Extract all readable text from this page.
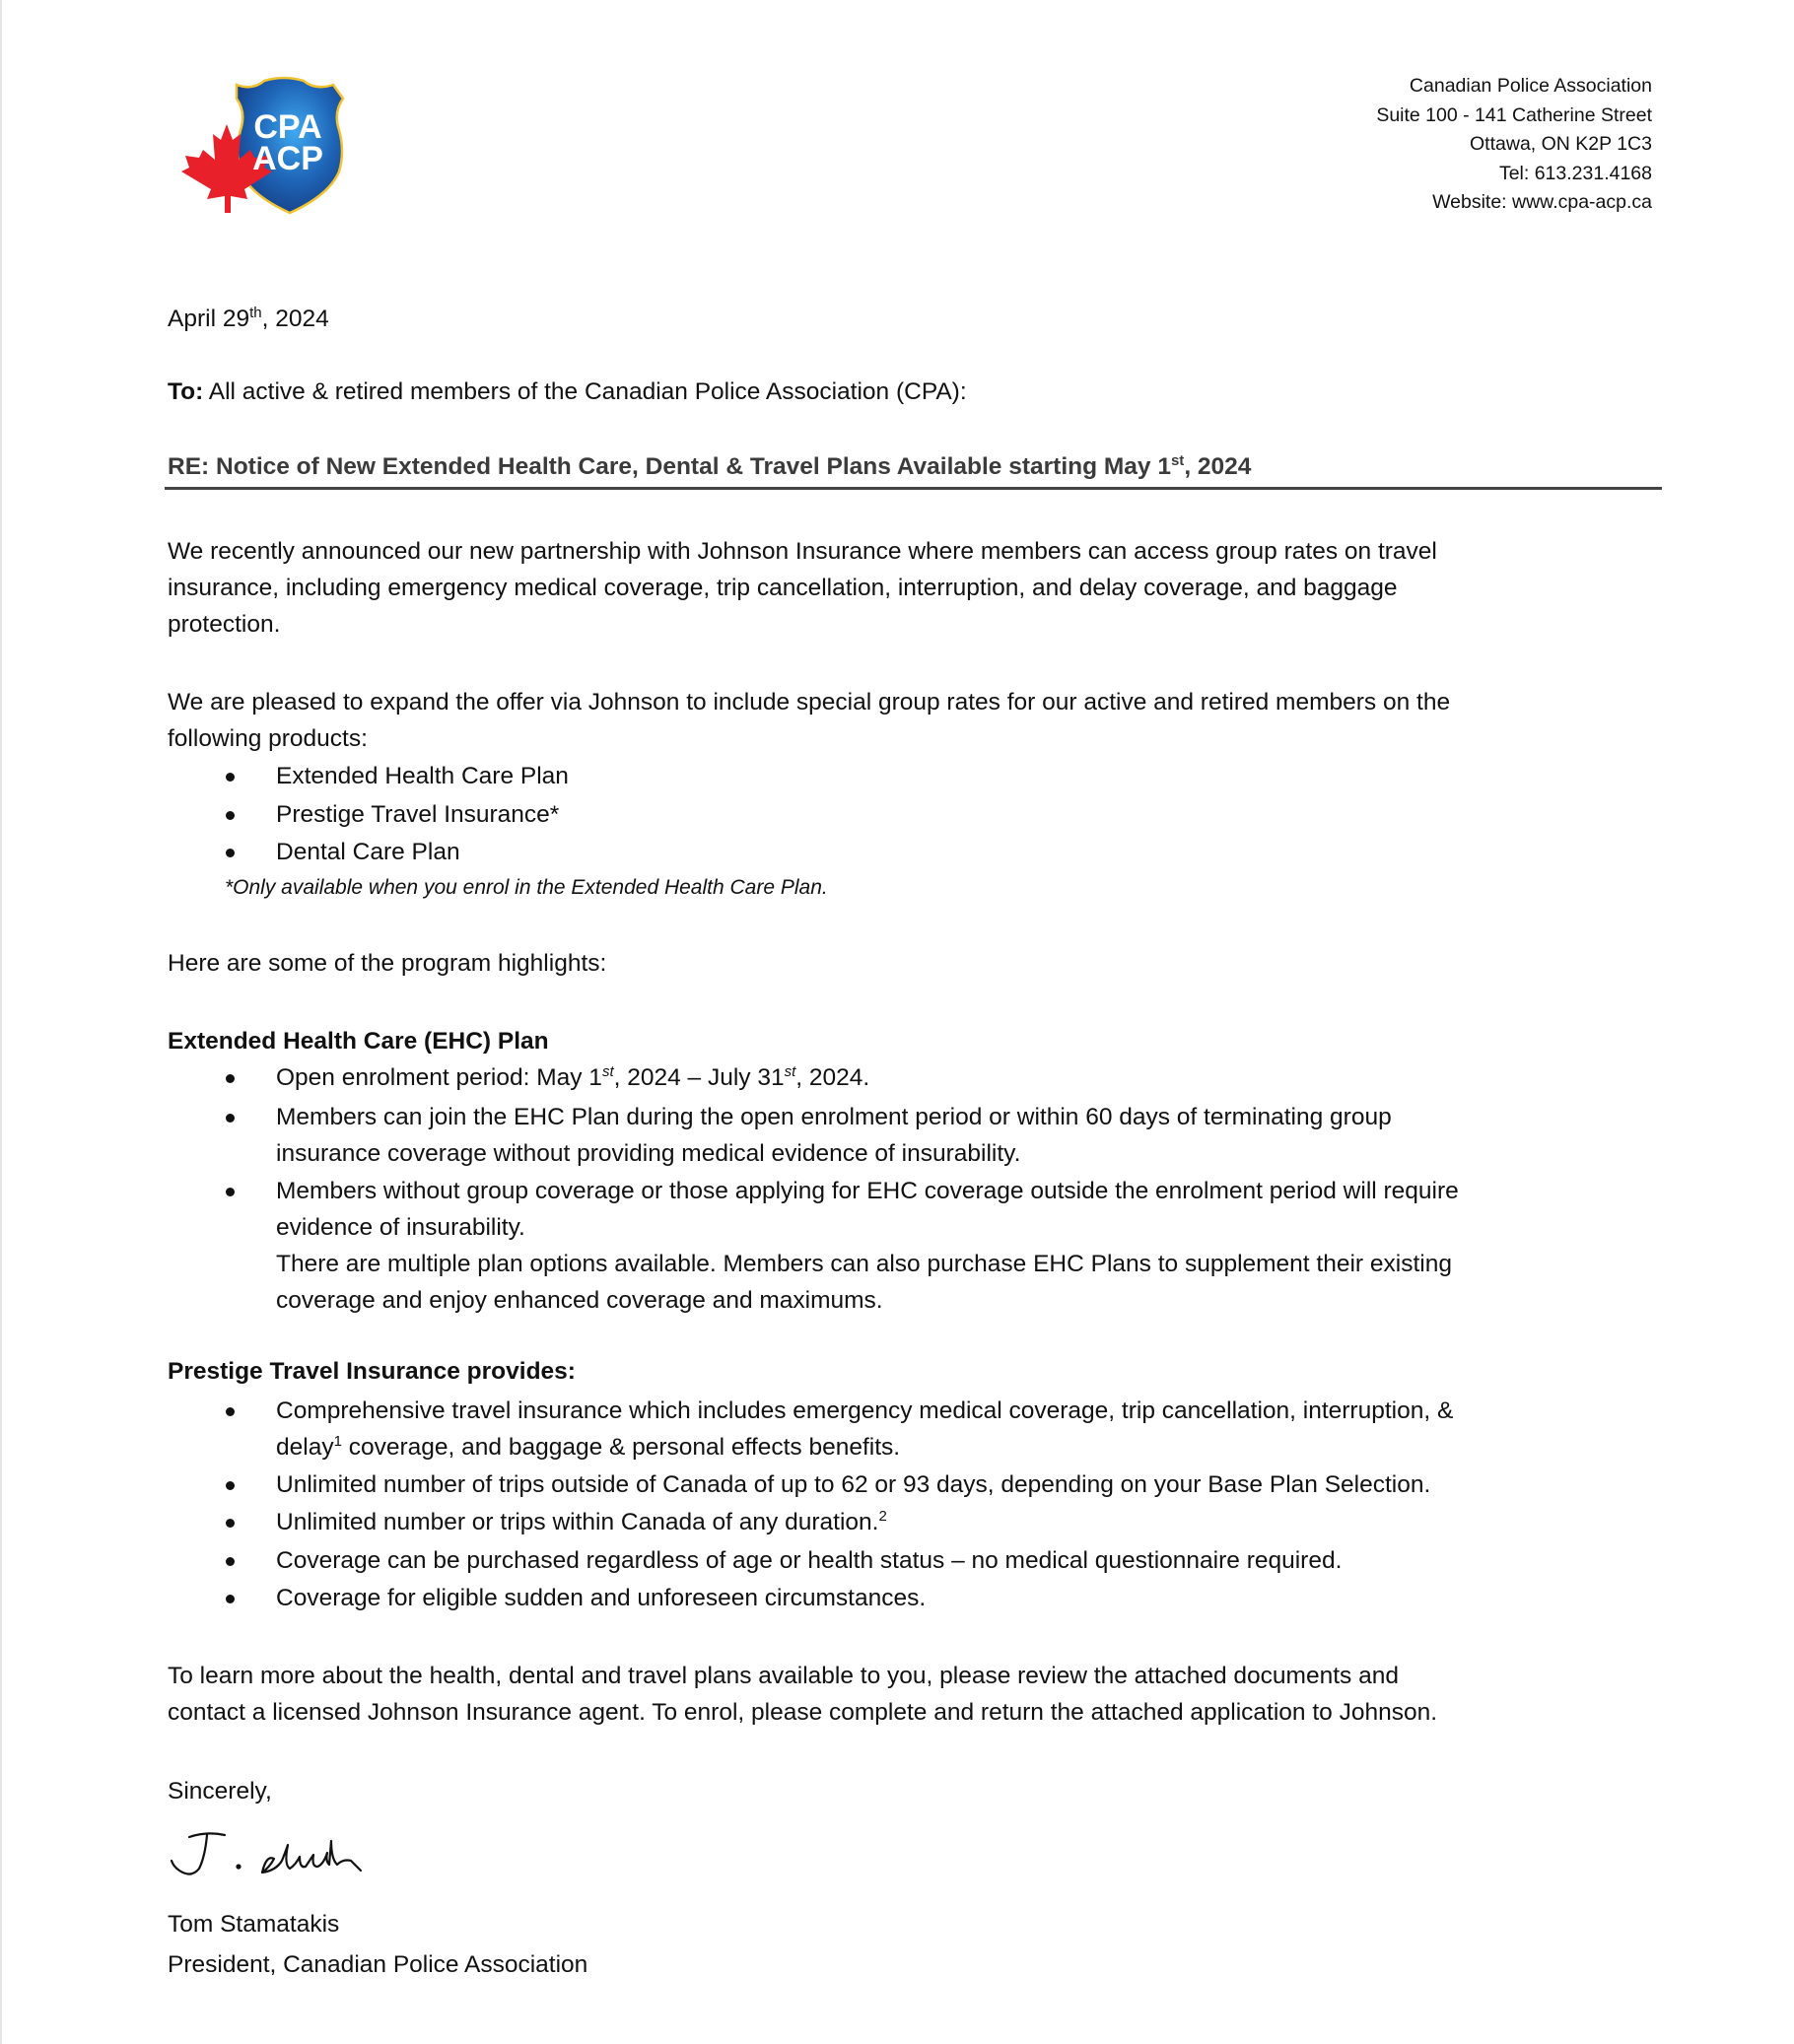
CPA
ACP
Canadian Police Association
Suite 100 - 141 Catherine Street
Ottawa, ON K2P 1C3
Tel: 613.231.4168
Website: www.cpa-acp.ca
April 29th, 2024
To: All active & retired members of the Canadian Police Association (CPA):
RE: Notice of New Extended Health Care, Dental & Travel Plans Available starting May 1st, 2024
We recently announced our new partnership with Johnson Insurance where members can access group rates on travel
insurance, including emergency medical coverage, trip cancellation, interruption, and delay coverage, and baggage
protection.
We are pleased to expand the offer via Johnson to include special group rates for our active and retired members on the
following products:
Extended Health Care Plan
Prestige Travel Insurance*
Dental Care Plan
*Only available when you enrol in the Extended Health Care Plan.
Here are some of the program highlights:
Extended Health Care (EHC) Plan
Open enrolment period: May 1st, 2024 – July 31st, 2024.
Members can join the EHC Plan during the open enrolment period or within 60 days of terminating group
insurance coverage without providing medical evidence of insurability.
Members without group coverage or those applying for EHC coverage outside the enrolment period will require
evidence of insurability.
There are multiple plan options available. Members can also purchase EHC Plans to supplement their existing
coverage and enjoy enhanced coverage and maximums.
Prestige Travel Insurance provides:
Comprehensive travel insurance which includes emergency medical coverage, trip cancellation, interruption, &
delay$^1$ coverage, and baggage & personal effects benefits.
Unlimited number of trips outside of Canada of up to 62 or 93 days, depending on your Base Plan Selection.
Unlimited number or trips within Canada of any duration.$^2$
Coverage can be purchased regardless of age or health status – no medical questionnaire required.
Coverage for eligible sudden and unforeseen circumstances.
To learn more about the health, dental and travel plans available to you, please review the attached documents and
contact a licensed Johnson Insurance agent. To enrol, please complete and return the attached application to Johnson.
Sincerely,
Tom Stamatakis
President, Canadian Police Association
